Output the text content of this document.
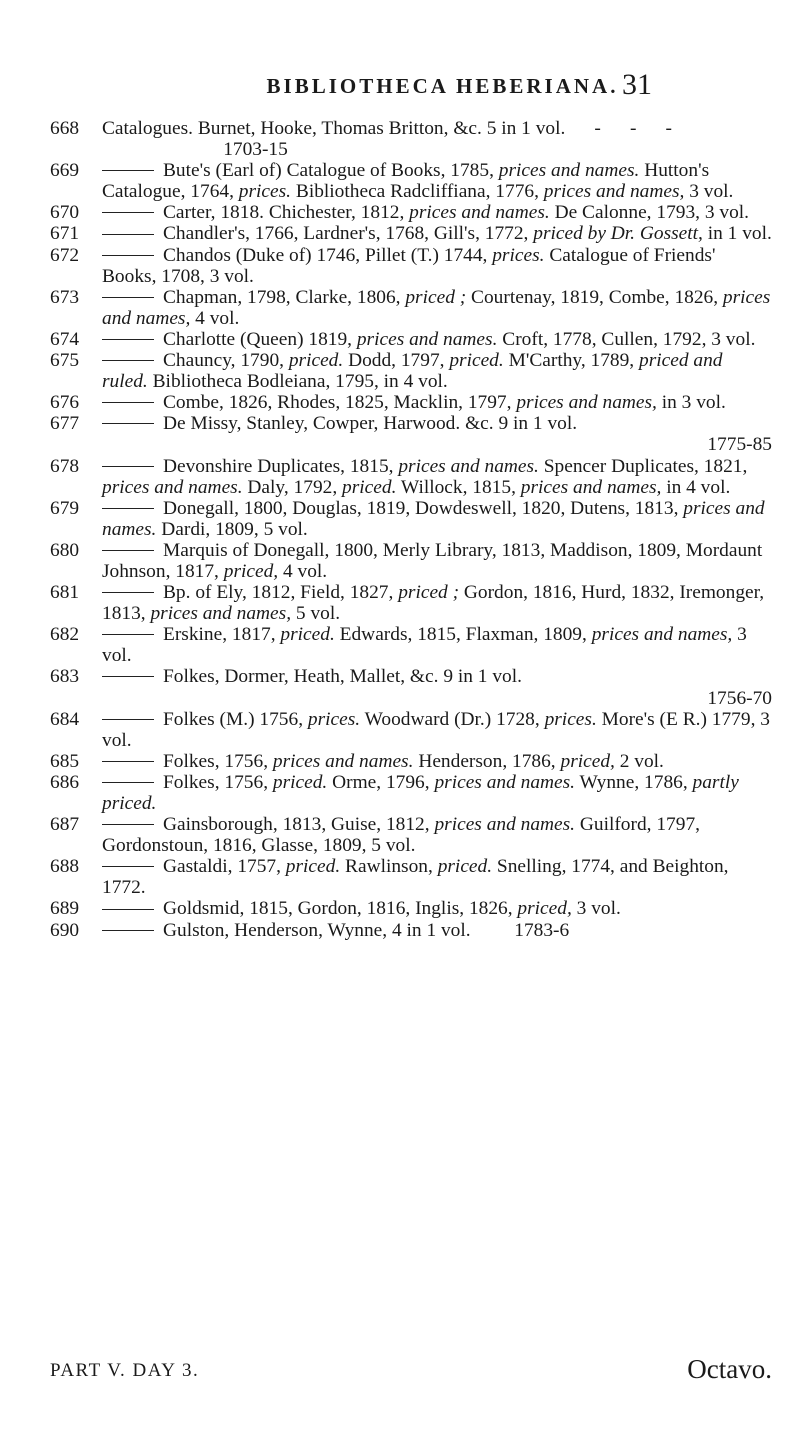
BIBLIOTHECA HEBERIANA. 31
668	Catalogues. Burnet, Hooke, Thomas Britton, &c. 5 in 1 vol.      -      -      -                          1703-15
669	Bute's (Earl of) Catalogue of Books, 1785, prices and names. Hutton's Catalogue, 1764, prices. Bibliotheca Radcliffiana, 1776, prices and names, 3 vol.
670	Carter, 1818. Chichester, 1812, prices and names. De Calonne, 1793, 3 vol.
671	Chandler's, 1766, Lardner's, 1768, Gill's, 1772, priced by Dr. Gossett, in 1 vol.
672	Chandos (Duke of) 1746, Pillet (T.) 1744, prices. Catalogue of Friends' Books, 1708, 3 vol.
673	Chapman, 1798, Clarke, 1806, priced ; Courtenay, 1819, Combe, 1826, prices and names, 4 vol.
674	Charlotte (Queen) 1819, prices and names. Croft, 1778, Cullen, 1792, 3 vol.
675	Chauncy, 1790, priced. Dodd, 1797, priced. M'Carthy, 1789, priced and ruled. Bibliotheca Bodleiana, 1795, in 4 vol.
676	Combe, 1826, Rhodes, 1825, Macklin, 1797, prices and names, in 3 vol.
677	De Missy, Stanley, Cowper, Harwood. &c. 9 in 1 vol.
1775-85
678	Devonshire Duplicates, 1815, prices and names. Spencer Duplicates, 1821, prices and names. Daly, 1792, priced. Willock, 1815, prices and names, in 4 vol.
679	Donegall, 1800, Douglas, 1819, Dowdeswell, 1820, Dutens, 1813, prices and names. Dardi, 1809, 5 vol.
680	Marquis of Donegall, 1800, Merly Library, 1813, Maddison, 1809, Mordaunt Johnson, 1817, priced, 4 vol.
681	Bp. of Ely, 1812, Field, 1827, priced ; Gordon, 1816, Hurd, 1832, Iremonger, 1813, prices and names, 5 vol.
682	Erskine, 1817, priced. Edwards, 1815, Flaxman, 1809, prices and names, 3 vol.
683	Folkes, Dormer, Heath, Mallet, &c. 9 in 1 vol.
1756-70
684	Folkes (M.) 1756, prices. Woodward (Dr.) 1728, prices. More's (E R.) 1779, 3 vol.
685	Folkes, 1756, prices and names. Henderson, 1786, priced, 2 vol.
686	Folkes, 1756, priced. Orme, 1796, prices and names. Wynne, 1786, partly priced.
687	Gainsborough, 1813, Guise, 1812, prices and names. Guilford, 1797, Gordonstoun, 1816, Glasse, 1809, 5 vol.
688	Gastaldi, 1757, priced. Rawlinson, priced. Snelling, 1774, and Beighton, 1772.
689	Goldsmid, 1815, Gordon, 1816, Inglis, 1826, priced, 3 vol.
690	Gulston, Henderson, Wynne, 4 in 1 vol.         1783-6
PART V. DAY 3.	Octavo.
